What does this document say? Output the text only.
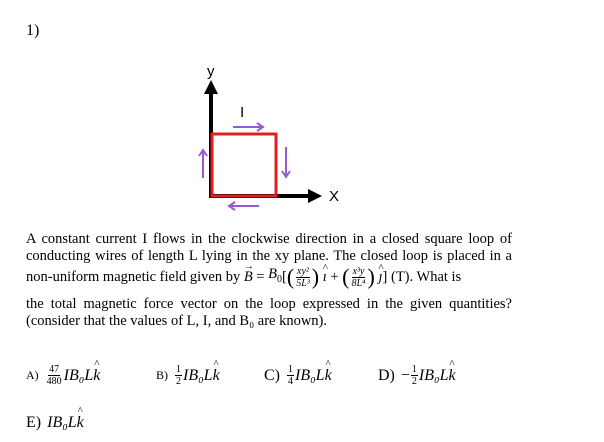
1)
y
X
I
A constant current I flows in the clockwise direction in a closed square loop of
conducting wires of length L lying in the xy plane. The closed loop is placed in a
non-uniform magnetic field given by
B →
=
$B_0$ [ ( $\frac{\text{xy²}}{\text{5L³}}$ )
ı ^
+
( $\frac{\text{x³y}}{\text{8L⁴}}$ )
ȷ ^ ] (T). What is
the total magnetic force vector on the loop expressed in the given quantities?
(consider that the values of L, I, and B₀ are known).
$A) \frac{47}{480} IB_0L$ k ^	$B) \frac{1}{2} IB_0L$ k ^	$C) \frac{1}{4} IB_0L$ k ^	$D) - \frac{1}{2} IB_0L$ k ^
E) IB₀L k ^
